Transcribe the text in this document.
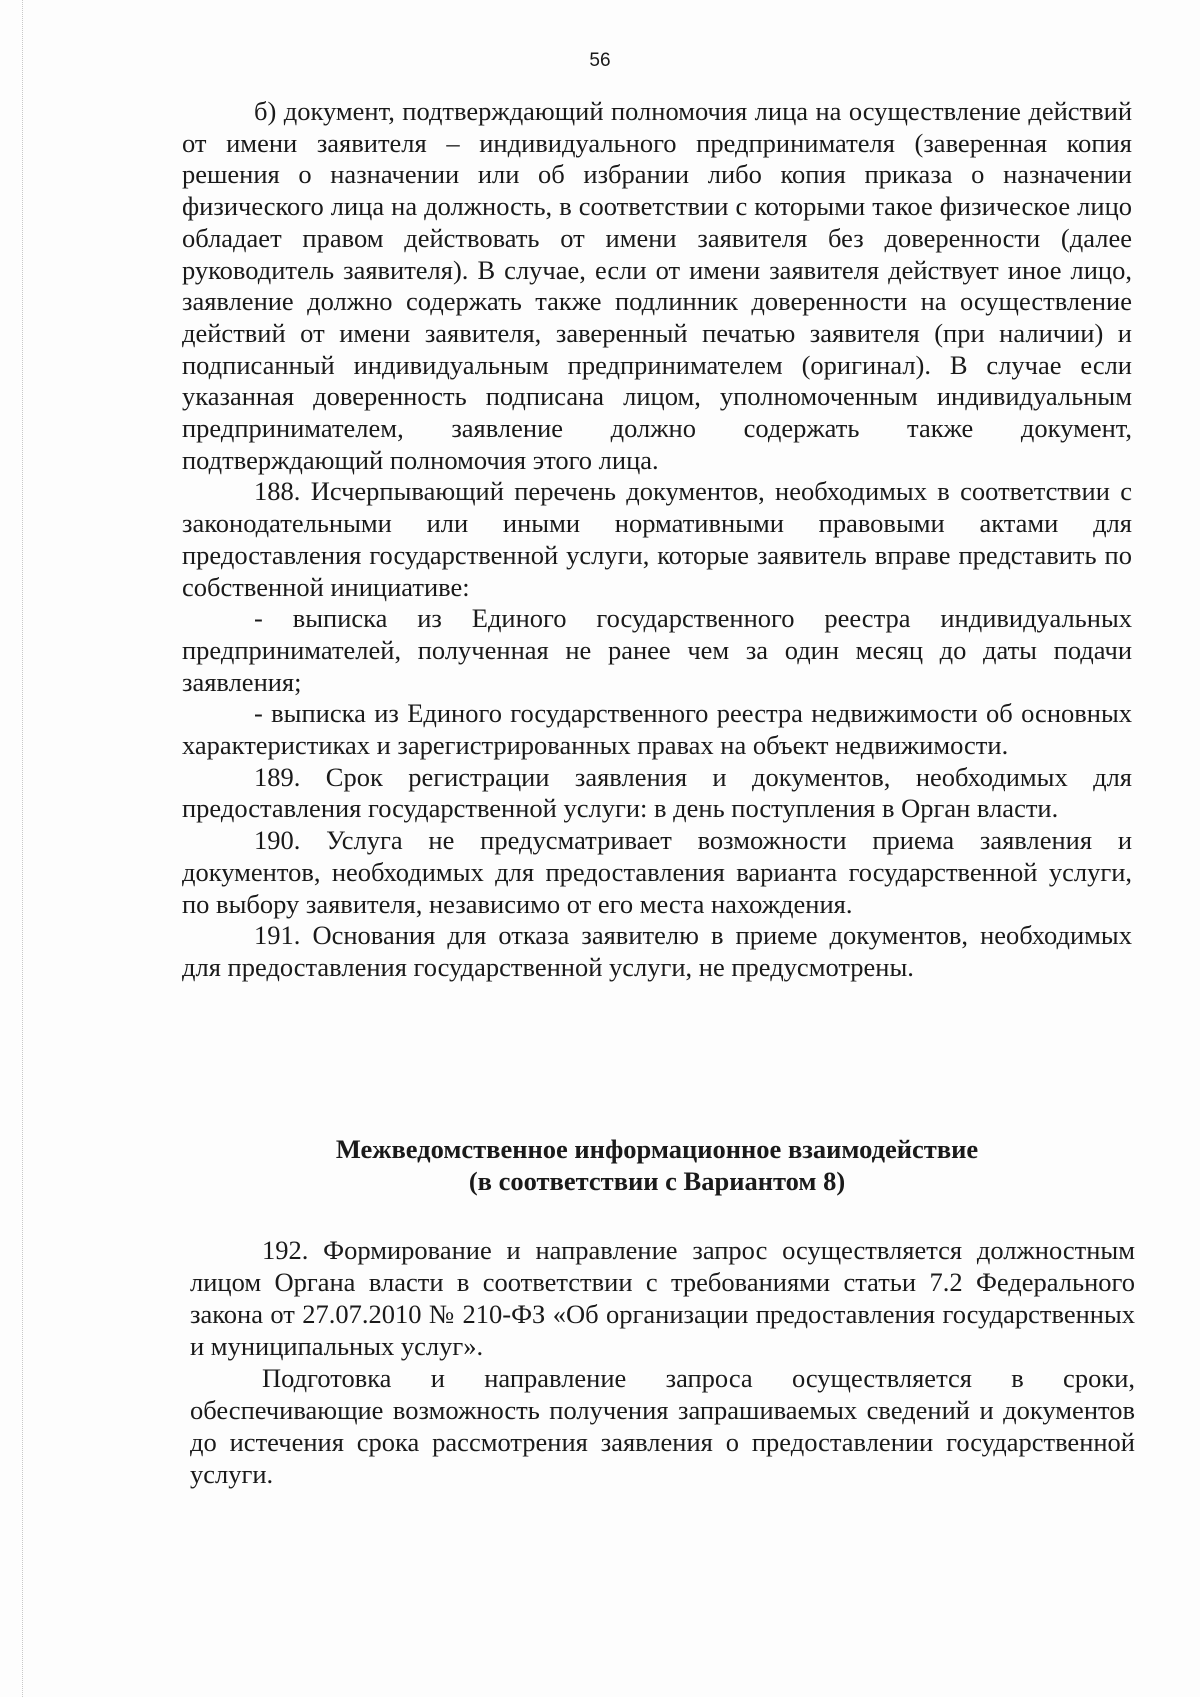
56

б) документ, подтверждающий полномочия лица на осуществление действий от имени заявителя – индивидуального предпринимателя (заверенная копия решения о назначении или об избрании либо копия приказа о назначении физического лица на должность, в соответствии с которыми такое физическое лицо обладает правом действовать от имени заявителя без доверенности (далее руководитель заявителя). В случае, если от имени заявителя действует иное лицо, заявление должно содержать также подлинник доверенности на осуществление действий от имени заявителя, заверенный печатью заявителя (при наличии) и подписанный индивидуальным предпринимателем (оригинал). В случае если указанная доверенность подписана лицом, уполномоченным индивидуальным предпринимателем, заявление должно содержать также документ, подтверждающий полномочия этого лица.

188. Исчерпывающий перечень документов, необходимых в соответствии с законодательными или иными нормативными правовыми актами для предоставления государственной услуги, которые заявитель вправе представить по собственной инициативе:

- выписка из Единого государственного реестра индивидуальных предпринимателей, полученная не ранее чем за один месяц до даты подачи заявления;

- выписка из Единого государственного реестра недвижимости об основных характеристиках и зарегистрированных правах на объект недвижимости.

189. Срок регистрации заявления и документов, необходимых для предоставления государственной услуги: в день поступления в Орган власти.

190. Услуга не предусматривает возможности приема заявления и документов, необходимых для предоставления варианта государственной услуги, по выбору заявителя, независимо от его места нахождения.

191. Основания для отказа заявителю в приеме документов, необходимых для предоставления государственной услуги, не предусмотрены.

Межведомственное информационное взаимодействие
(в соответствии с Вариантом 8)

192. Формирование и направление запрос осуществляется должностным лицом Органа власти в соответствии с требованиями статьи 7.2 Федерального закона от 27.07.2010 № 210-ФЗ «Об организации предоставления государственных и муниципальных услуг».

Подготовка и направление запроса осуществляется в сроки, обеспечивающие возможность получения запрашиваемых сведений и документов до истечения срока рассмотрения заявления о предоставлении государственной услуги.
